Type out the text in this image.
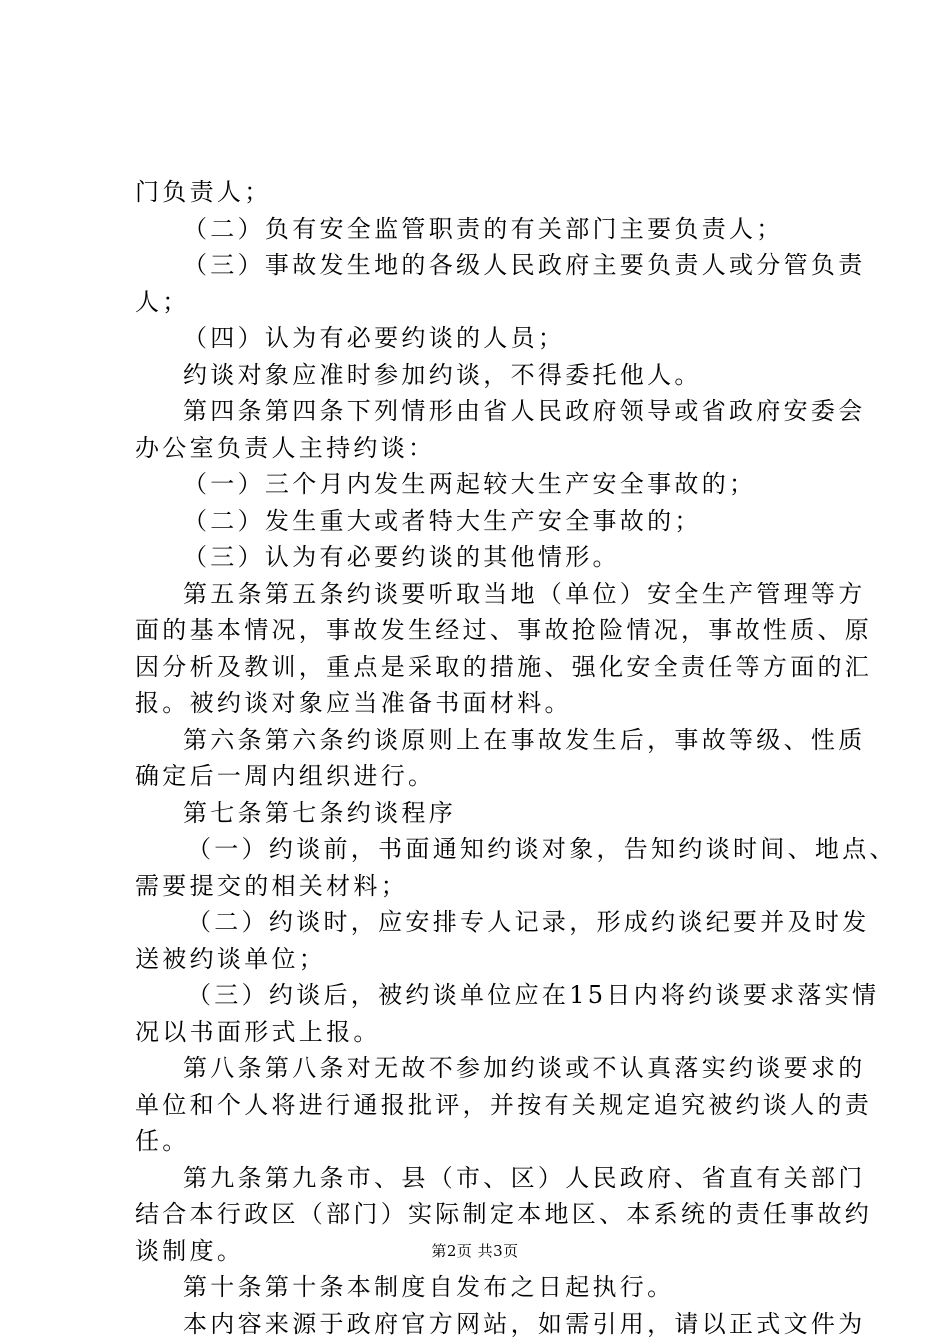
门负责人；
（二）负有安全监管职责的有关部门主要负责人；
（三）事故发生地的各级人民政府主要负责人或分管负责
人；
（四）认为有必要约谈的人员；
约谈对象应准时参加约谈，不得委托他人。
第四条第四条下列情形由省人民政府领导或省政府安委会
办公室负责人主持约谈：
（一）三个月内发生两起较大生产安全事故的；
（二）发生重大或者特大生产安全事故的；
（三）认为有必要约谈的其他情形。
第五条第五条约谈要听取当地（单位）安全生产管理等方
面的基本情况，事故发生经过、事故抢险情况，事故性质、原
因分析及教训，重点是采取的措施、强化安全责任等方面的汇
报。被约谈对象应当准备书面材料。
第六条第六条约谈原则上在事故发生后，事故等级、性质
确定后一周内组织进行。
第七条第七条约谈程序
（一）约谈前，书面通知约谈对象，告知约谈时间、地点、
需要提交的相关材料；
（二）约谈时，应安排专人记录，形成约谈纪要并及时发
送被约谈单位；
（三）约谈后，被约谈单位应在15日内将约谈要求落实情
况以书面形式上报。
第八条第八条对无故不参加约谈或不认真落实约谈要求的
单位和个人将进行通报批评，并按有关规定追究被约谈人的责
任。
第九条第九条市、县（市、区）人民政府、省直有关部门
结合本行政区（部门）实际制定本地区、本系统的责任事故约
谈制度。
第十条第十条本制度自发布之日起执行。
本内容来源于政府官方网站，如需引用，请以正式文件为
第2页 共3页
